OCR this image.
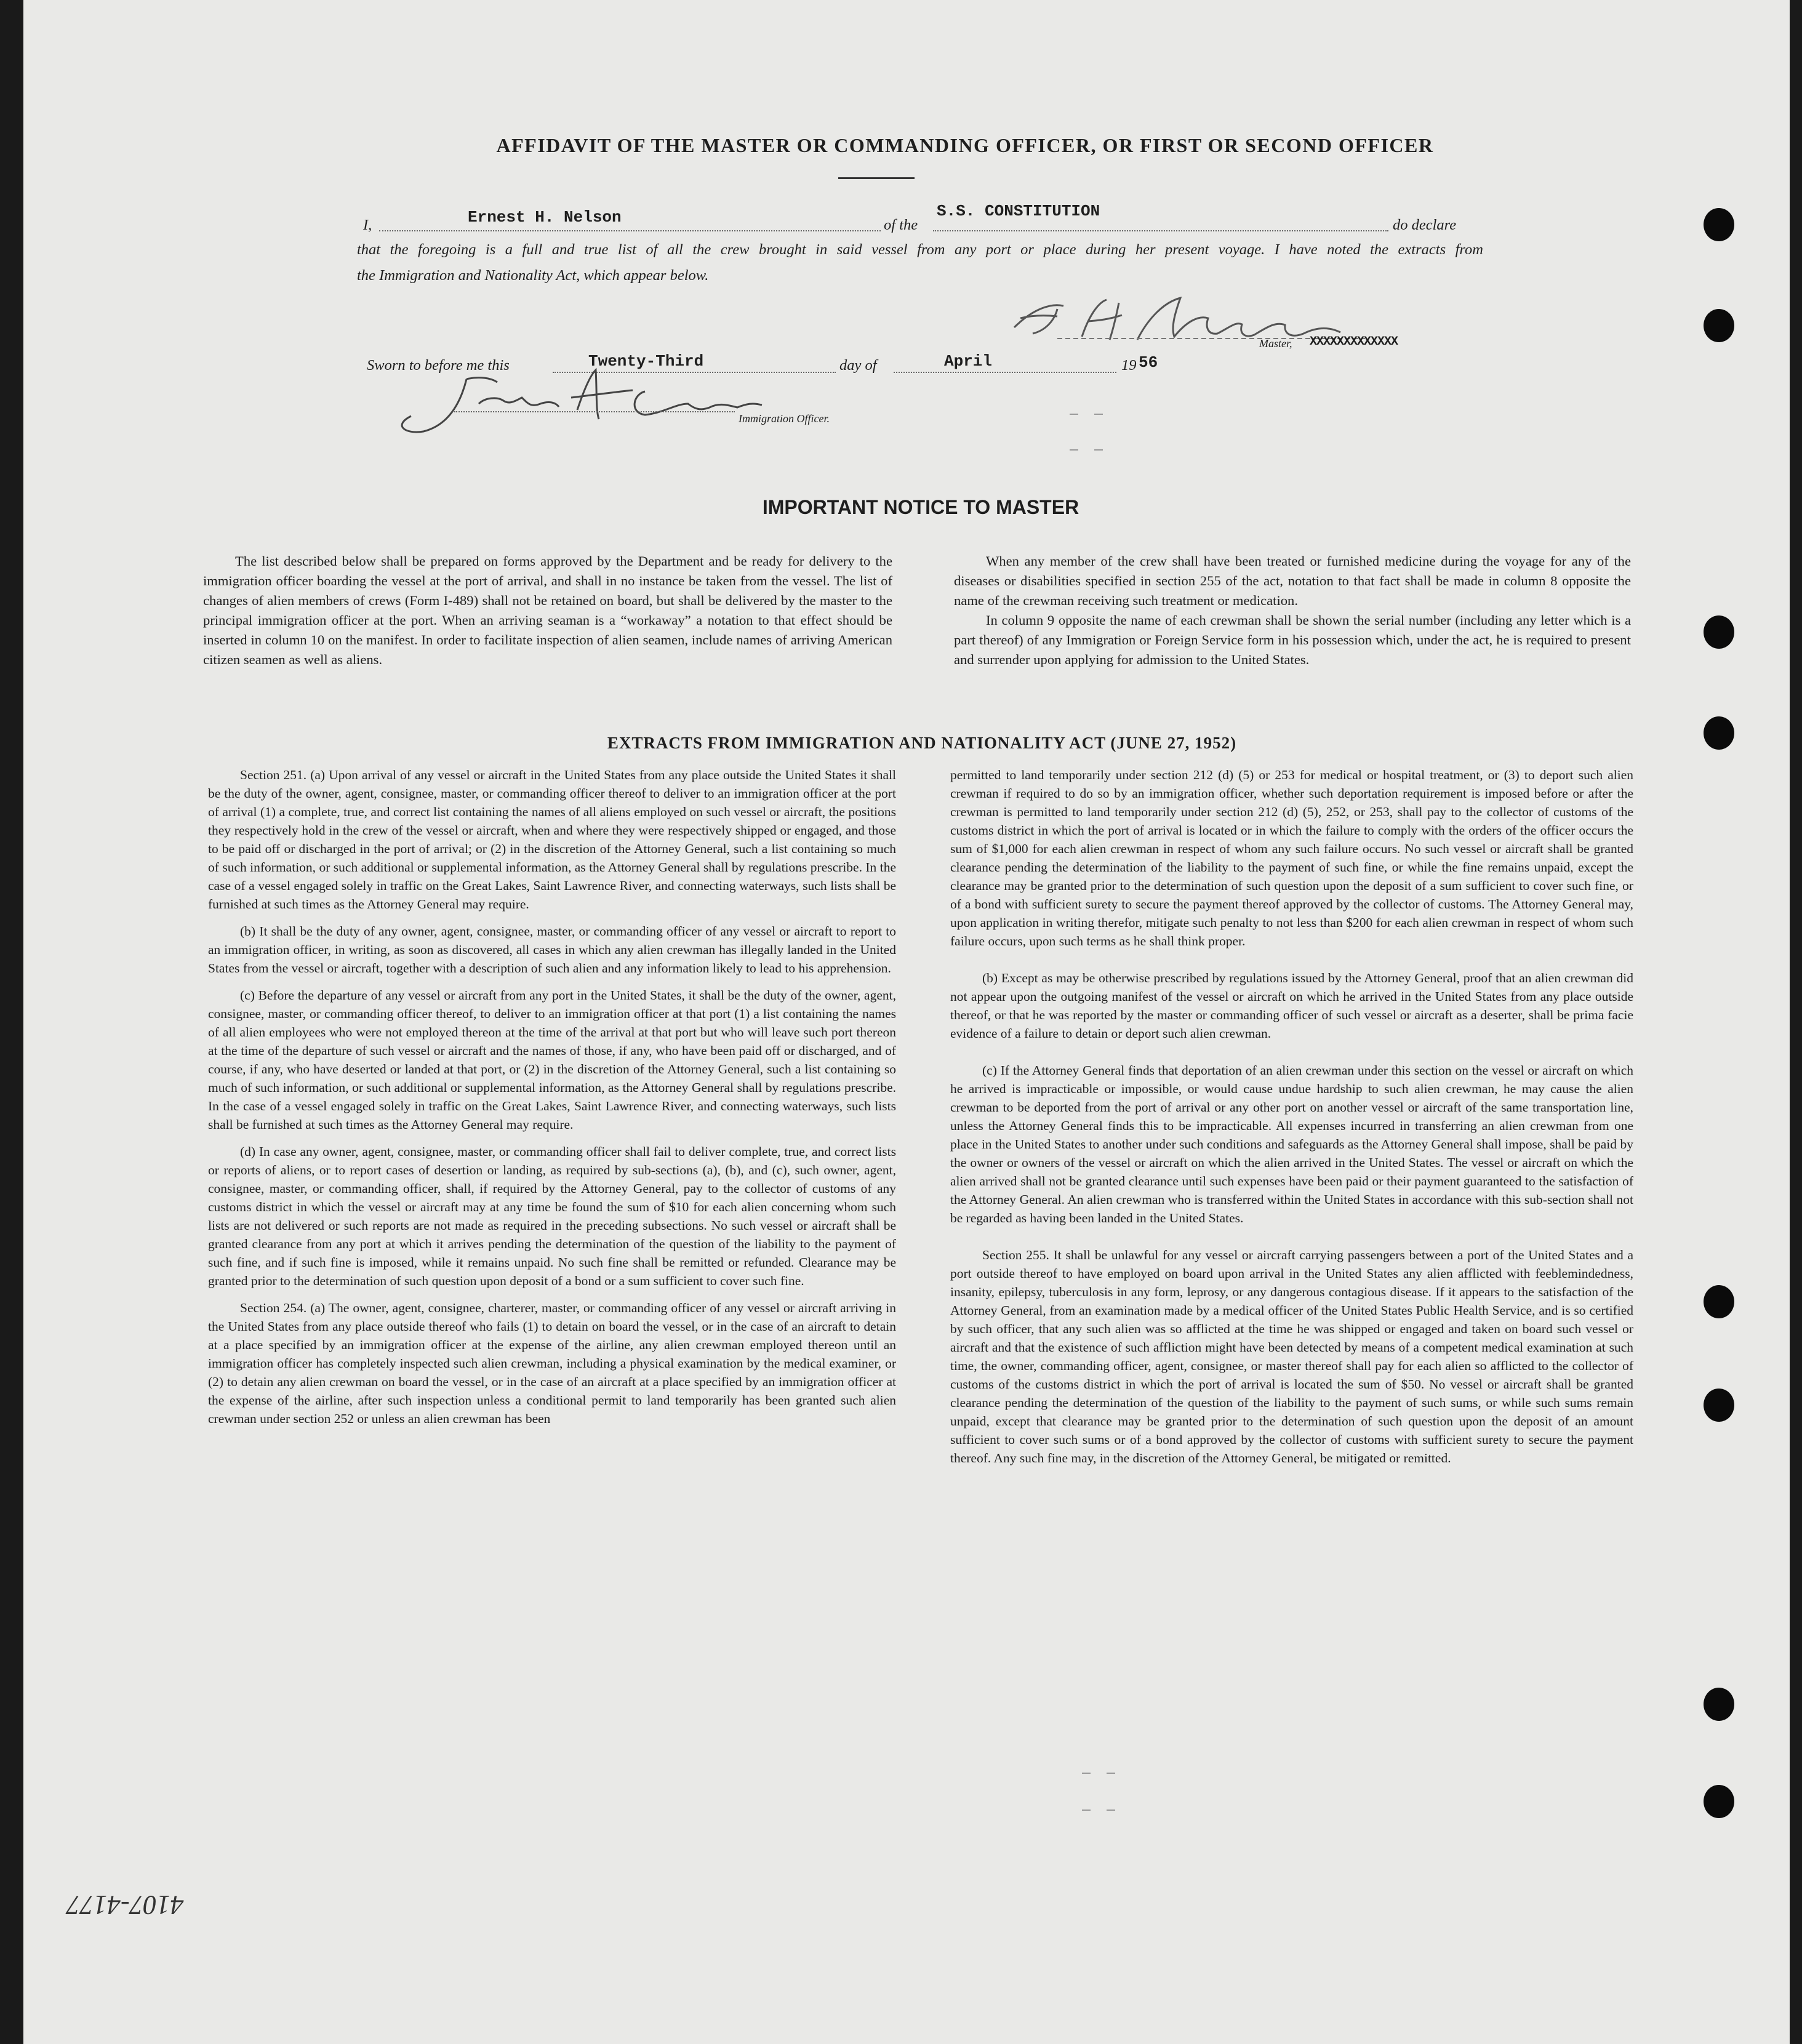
AFFIDAVIT OF THE MASTER OR COMMANDING OFFICER, OR FIRST OR SECOND OFFICER
I,	Ernest H. Nelson	of the
S.S. CONSTITUTION
do declare
that the foregoing is a full and true list of all the crew brought in said vessel from any port or place during her present voyage. I have noted the extracts from
the Immigration and Nationality Act, which appear below.
Master, XXXXXXXXXXXXX
Sworn to before me this	Twenty-Third	day of	April	19 56
Immigration Officer.
IMPORTANT NOTICE TO MASTER

The list described below shall be prepared on forms approved by the Department and be ready for delivery to the immigration officer boarding the vessel at the port of arrival, and shall in no instance be taken from the vessel. The list of changes of alien members of crews (Form I-489) shall not be retained on board, but shall be delivered by the master to the principal immigration officer at the port. When an arriving seaman is a “workaway” a notation to that effect should be inserted in column 10 on the manifest. In order to facilitate inspection of alien seamen, include names of arriving American citizen seamen as well as aliens.

When any member of the crew shall have been treated or furnished medicine during the voyage for any of the diseases or disabilities specified in section 255 of the act, notation to that fact shall be made in column 8 opposite the name of the crewman receiving such treatment or medication.

In column 9 opposite the name of each crewman shall be shown the serial number (including any letter which is a part thereof) of any Immigration or Foreign Service form in his possession which, under the act, he is required to present and surrender upon applying for admission to the United States.

EXTRACTS FROM IMMIGRATION AND NATIONALITY ACT (JUNE 27, 1952)

Section 251. (a) Upon arrival of any vessel or aircraft in the United States from any place outside the United States it shall be the duty of the owner, agent, consignee, master, or commanding officer thereof to deliver to an immigration officer at the port of arrival (1) a complete, true, and correct list containing the names of all aliens employed on such vessel or aircraft, the positions they respectively hold in the crew of the vessel or aircraft, when and where they were respectively shipped or engaged, and those to be paid off or discharged in the port of arrival; or (2) in the discretion of the Attorney General, such a list containing so much of such information, or such additional or supplemental information, as the Attorney General shall by regulations prescribe. In the case of a vessel engaged solely in traffic on the Great Lakes, Saint Lawrence River, and connecting waterways, such lists shall be furnished at such times as the Attorney General may require.

(b) It shall be the duty of any owner, agent, consignee, master, or commanding officer of any vessel or aircraft to report to an immigration officer, in writing, as soon as discovered, all cases in which any alien crewman has illegally landed in the United States from the vessel or aircraft, together with a description of such alien and any information likely to lead to his apprehension.

(c) Before the departure of any vessel or aircraft from any port in the United States, it shall be the duty of the owner, agent, consignee, master, or commanding officer thereof, to deliver to an immigration officer at that port (1) a list containing the names of all alien employees who were not employed thereon at the time of the arrival at that port but who will leave such port thereon at the time of the departure of such vessel or aircraft and the names of those, if any, who have been paid off or discharged, and of course, if any, who have deserted or landed at that port, or (2) in the discretion of the Attorney General, such a list containing so much of such information, or such additional or supplemental information, as the Attorney General shall by regulations prescribe. In the case of a vessel engaged solely in traffic on the Great Lakes, Saint Lawrence River, and connecting waterways, such lists shall be furnished at such times as the Attorney General may require.

(d) In case any owner, agent, consignee, master, or commanding officer shall fail to deliver complete, true, and correct lists or reports of aliens, or to report cases of desertion or landing, as required by sub-sections (a), (b), and (c), such owner, agent, consignee, master, or commanding officer, shall, if required by the Attorney General, pay to the collector of customs of any customs district in which the vessel or aircraft may at any time be found the sum of $10 for each alien concerning whom such lists are not delivered or such reports are not made as required in the preceding subsections. No such vessel or aircraft shall be granted clearance from any port at which it arrives pending the determination of the question of the liability to the payment of such fine, and if such fine is imposed, while it remains unpaid. No such fine shall be remitted or refunded. Clearance may be granted prior to the determination of such question upon deposit of a bond or a sum sufficient to cover such fine.

Section 254. (a) The owner, agent, consignee, charterer, master, or commanding officer of any vessel or aircraft arriving in the United States from any place outside thereof who fails (1) to detain on board the vessel, or in the case of an aircraft to detain at a place specified by an immigration officer at the expense of the airline, any alien crewman employed thereon until an immigration officer has completely inspected such alien crewman, including a physical examination by the medical examiner, or (2) to detain any alien crewman on board the vessel, or in the case of an aircraft at a place specified by an immigration officer at the expense of the airline, after such inspection unless a conditional permit to land temporarily has been granted such alien crewman under section 252 or unless an alien crewman has been

permitted to land temporarily under section 212 (d) (5) or 253 for medical or hospital treatment, or (3) to deport such alien crewman if required to do so by an immigration officer, whether such deportation requirement is imposed before or after the crewman is permitted to land temporarily under section 212 (d) (5), 252, or 253, shall pay to the collector of customs of the customs district in which the port of arrival is located or in which the failure to comply with the orders of the officer occurs the sum of $1,000 for each alien crewman in respect of whom any such failure occurs. No such vessel or aircraft shall be granted clearance pending the determination of the liability to the payment of such fine, or while the fine remains unpaid, except the clearance may be granted prior to the determination of such question upon the deposit of a sum sufficient to cover such fine, or of a bond with sufficient surety to secure the payment thereof approved by the collector of customs. The Attorney General may, upon application in writing therefor, mitigate such penalty to not less than $200 for each alien crewman in respect of whom such failure occurs, upon such terms as he shall think proper.

(b) Except as may be otherwise prescribed by regulations issued by the Attorney General, proof that an alien crewman did not appear upon the outgoing manifest of the vessel or aircraft on which he arrived in the United States from any place outside thereof, or that he was reported by the master or commanding officer of such vessel or aircraft as a deserter, shall be prima facie evidence of a failure to detain or deport such alien crewman.

(c) If the Attorney General finds that deportation of an alien crewman under this section on the vessel or aircraft on which he arrived is impracticable or impossible, or would cause undue hardship to such alien crewman, he may cause the alien crewman to be deported from the port of arrival or any other port on another vessel or aircraft of the same transportation line, unless the Attorney General finds this to be impracticable. All expenses incurred in transferring an alien crewman from one place in the United States to another under such conditions and safeguards as the Attorney General shall impose, shall be paid by the owner or owners of the vessel or aircraft on which the alien arrived in the United States. The vessel or aircraft on which the alien arrived shall not be granted clearance until such expenses have been paid or their payment guaranteed to the satisfaction of the Attorney General. An alien crewman who is transferred within the United States in accordance with this sub-section shall not be regarded as having been landed in the United States.

Section 255. It shall be unlawful for any vessel or aircraft carrying passengers between a port of the United States and a port outside thereof to have employed on board upon arrival in the United States any alien afflicted with feeblemindedness, insanity, epilepsy, tuberculosis in any form, leprosy, or any dangerous contagious disease. If it appears to the satisfaction of the Attorney General, from an examination made by a medical officer of the United States Public Health Service, and is so certified by such officer, that any such alien was so afflicted at the time he was shipped or engaged and taken on board such vessel or aircraft and that the existence of such affliction might have been detected by means of a competent medical examination at such time, the owner, commanding officer, agent, consignee, or master thereof shall pay for each alien so afflicted to the collector of customs of the customs district in which the port of arrival is located the sum of $50. No vessel or aircraft shall be granted clearance pending the determination of the question of the liability to the payment of such sums, or while such sums remain unpaid, except that clearance may be granted prior to the determination of such question upon the deposit of an amount sufficient to cover such sums or of a bond approved by the collector of customs with sufficient surety to secure the payment thereof. Any such fine may, in the discretion of the Attorney General, be mitigated or remitted.

4107-4177
